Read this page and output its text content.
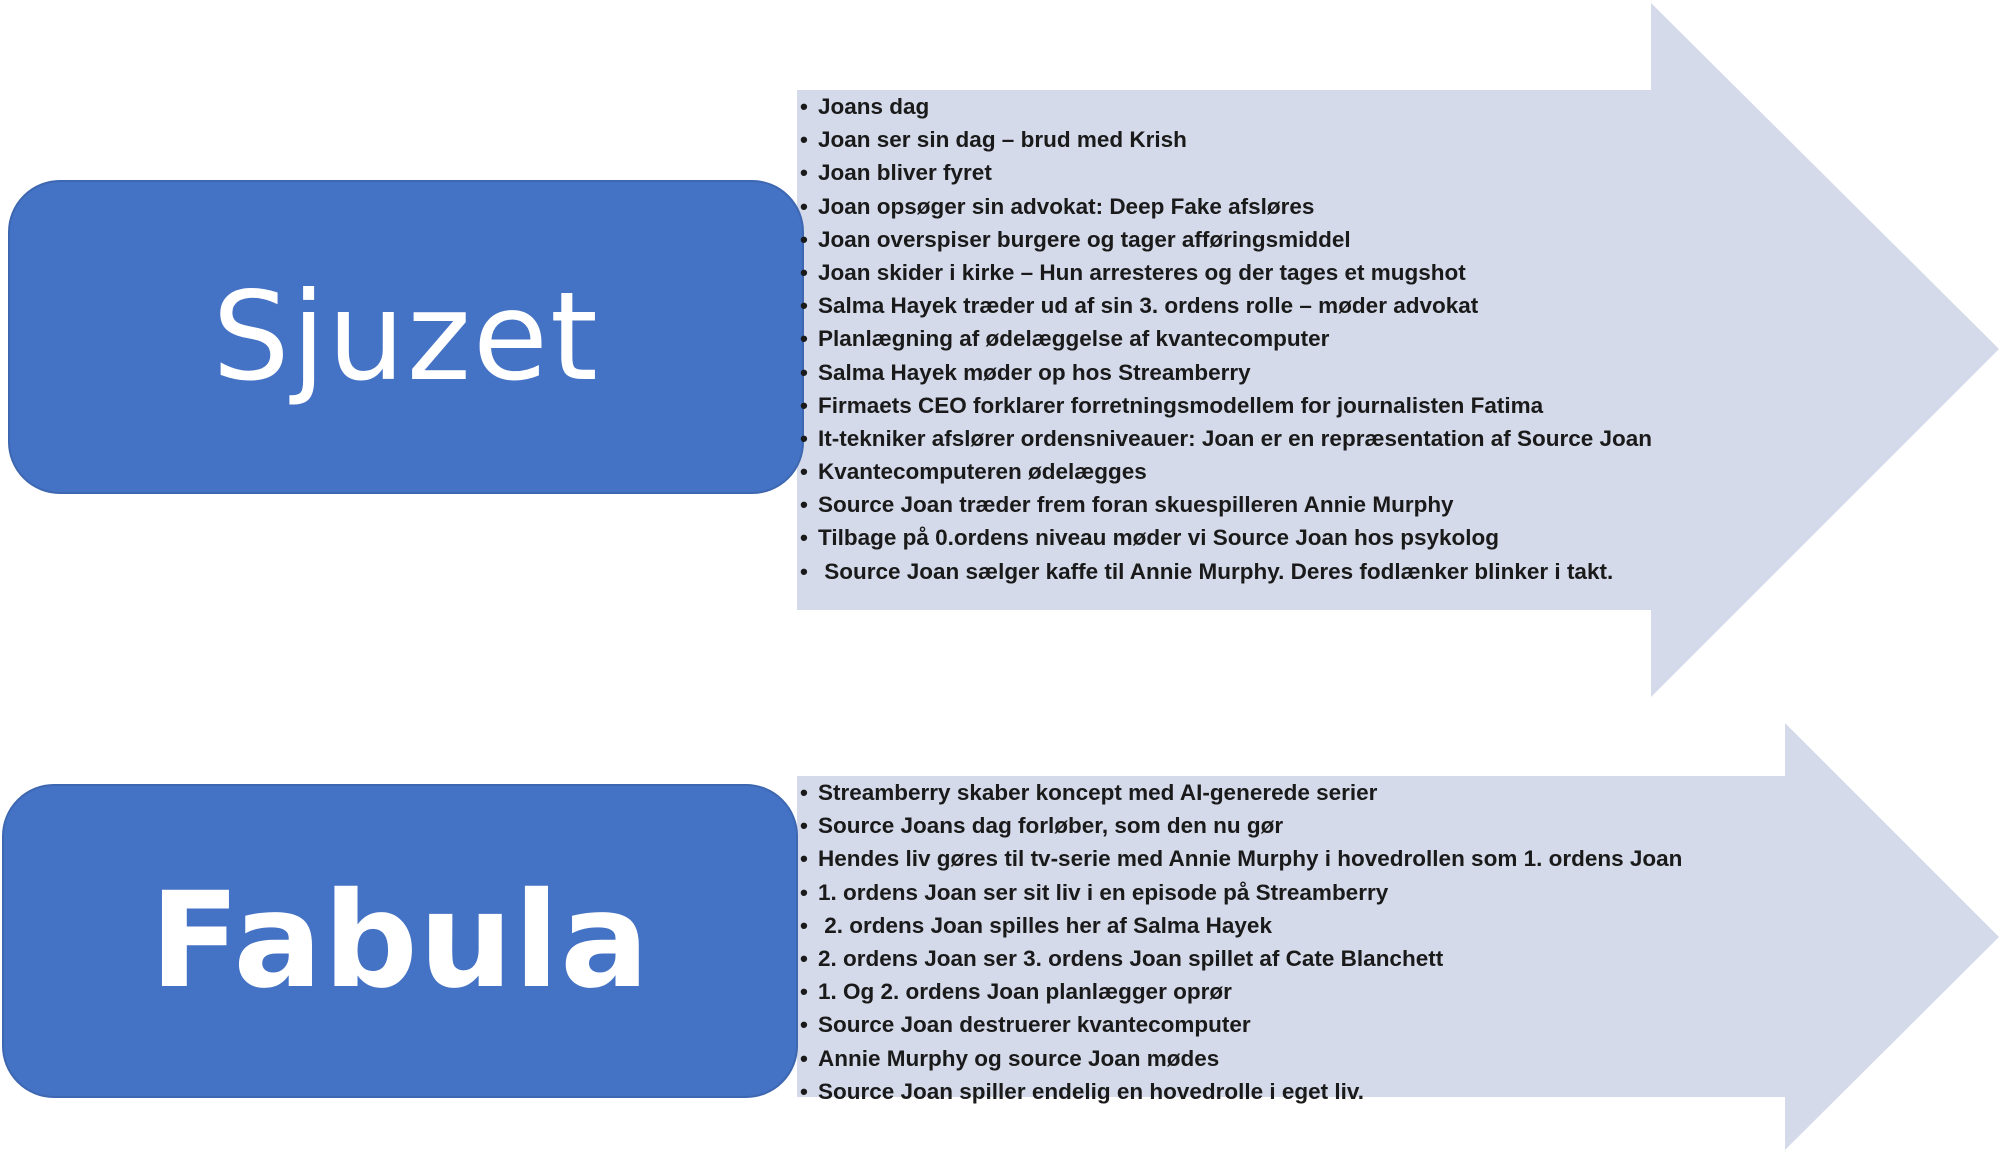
Sjuzet
Fabula
• Joans dag
• Joan ser sin dag – brud med Krish
• Joan bliver fyret
• Joan opsøger sin advokat: Deep Fake afsløres
• Joan overspiser burgere og tager afføringsmiddel
• Joan skider i kirke – Hun arresteres og der tages et mugshot
• Salma Hayek træder ud af sin 3. ordens rolle – møder advokat
• Planlægning af ødelæggelse af kvantecomputer
• Salma Hayek møder op hos Streamberry
• Firmaets CEO forklarer forretningsmodellem for journalisten Fatima
• It-tekniker afslører ordensniveauer: Joan er en repræsentation af Source Joan
• Kvantecomputeren ødelægges
• Source Joan træder frem foran skuespilleren Annie Murphy
• Tilbage på 0.ordens niveau møder vi Source Joan hos psykolog
• Source Joan sælger kaffe til Annie Murphy. Deres fodlænker blinker i takt.
• Streamberry skaber koncept med AI-generede serier
• Source Joans dag forløber, som den nu gør
• Hendes liv gøres til tv-serie med Annie Murphy i hovedrollen som 1. ordens Joan
• 1. ordens Joan ser sit liv i en episode på Streamberry
• 2. ordens Joan spilles her af Salma Hayek
• 2. ordens Joan ser 3. ordens Joan spillet af Cate Blanchett
• 1. Og 2. ordens Joan planlægger oprør
• Source Joan destruerer kvantecomputer
• Annie Murphy og source Joan mødes
• Source Joan spiller endelig en hovedrolle i eget liv.
